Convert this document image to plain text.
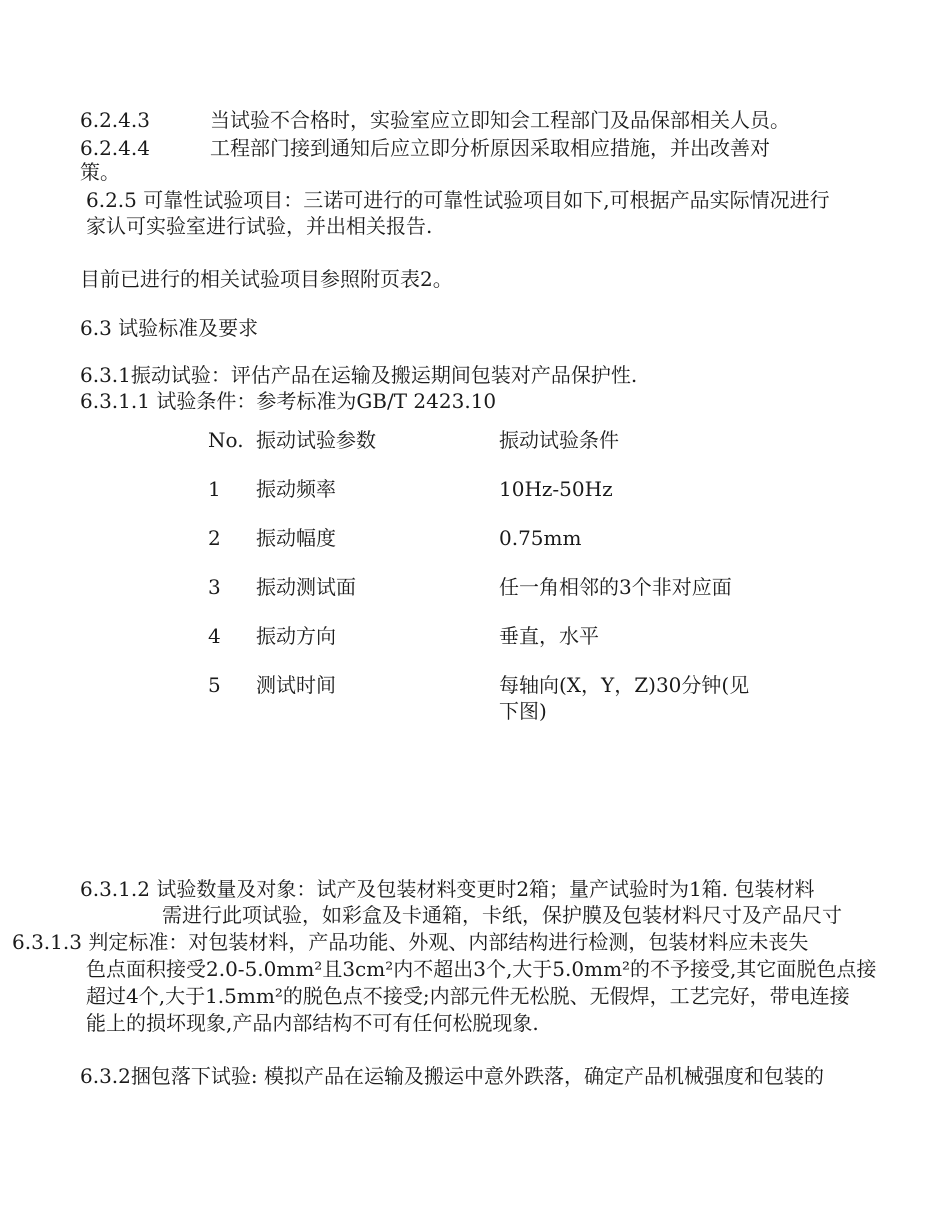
6.2.4.3	当试验不合格时，实验室应立即知会工程部门及品保部相关人员。
6.2.4.4	工程部门接到通知后应立即分析原因采取相应措施，并出改善对
策。
6.2.5 可靠性试验项目：三诺可进行的可靠性试验项目如下,可根据产品实际情况进行
家认可实验室进行试验，并出相关报告.
目前已进行的相关试验项目参照附页表2。
6.3 试验标准及要求
6.3.1振动试验：评估产品在运输及搬运期间包装对产品保护性.
6.3.1.1 试验条件：参考标准为GB/T 2423.10
No. 振动试验参数	振动试验条件
1 振动频率	10Hz-50Hz
2 振动幅度	0.75mm
3 振动测试面	任一角相邻的3个非对应面
4 振动方向	垂直，水平
5 测试时间	每轴向(X，Y，Z)30分钟(见
下图)
6.3.1.2 试验数量及对象：试产及包装材料变更时2箱；量产试验时为1箱. 包装材料
需进行此项试验，如彩盒及卡通箱，卡纸，保护膜及包装材料尺寸及产品尺寸
6.3.1.3 判定标准：对包装材料，产品功能、外观、内部结构进行检测，包装材料应未丧失
色点面积接受2.0-5.0mm²且3cm²内不超出3个,大于5.0mm²的不予接受,其它面脱色点接
超过4个,大于1.5mm²的脱色点不接受;内部元件无松脱、无假焊，工艺完好，带电连接
能上的损坏现象,产品内部结构不可有任何松脱现象.
6.3.2捆包落下试验: 模拟产品在运输及搬运中意外跌落，确定产品机械强度和包装的
